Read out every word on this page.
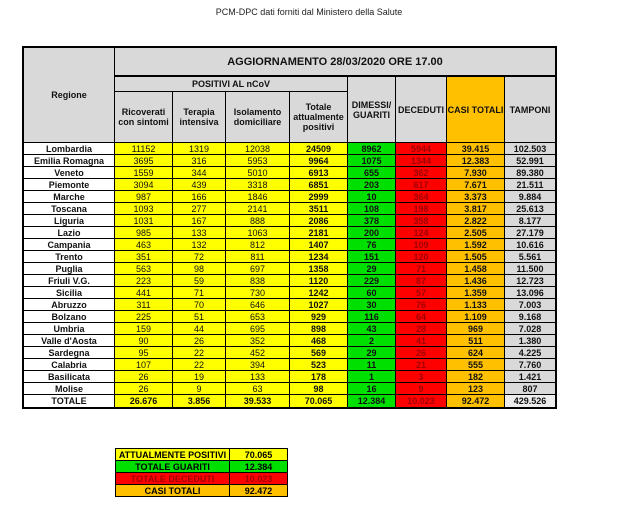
PCM-DPC dati forniti dal Ministero della Salute
Regione	AGGIORNAMENTO 28/03/2020 ORE 17.00							
	POSITIVI AL nCoV				DIMESSI/ GUARITI	DECEDUTI	CASI TOTALI	TAMPONI
	Ricoverati con sintomi	Terapia intensiva	Isolamento domiciliare	Totale attualmente positivi				
Lombardia	11152	1319	12038	24509	8962	5944	39.415	102.503
Emilia Romagna	3695	316	5953	9964	1075	1344	12.383	52.991
Veneto	1559	344	5010	6913	655	362	7.930	89.380
Piemonte	3094	439	3318	6851	203	617	7.671	21.511
Marche	987	166	1846	2999	10	364	3.373	9.884
Toscana	1093	277	2141	3511	108	198	3.817	25.613
Liguria	1031	167	888	2086	378	358	2.822	8.177
Lazio	985	133	1063	2181	200	124	2.505	27.179
Campania	463	132	812	1407	76	109	1.592	10.616
Trento	351	72	811	1234	151	120	1.505	5.561
Puglia	563	98	697	1358	29	71	1.458	11.500
Friuli V.G.	223	59	838	1120	229	87	1.436	12.723
Sicilia	441	71	730	1242	60	57	1.359	13.096
Abruzzo	311	70	646	1027	30	76	1.133	7.003
Bolzano	225	51	653	929	116	64	1.109	9.168
Umbria	159	44	695	898	43	28	969	7.028
Valle d'Aosta	90	26	352	468	2	41	511	1.380
Sardegna	95	22	452	569	29	26	624	4.225
Calabria	107	22	394	523	11	21	555	7.760
Basilicata	26	19	133	178	1	3	182	1.421
Molise	26	9	63	98	16	9	123	807
TOTALE	26.676	3.856	39.533	70.065	12.384	10.023	92.472	429.526
ATTUALMENTE POSITIVI	70.065
TOTALE GUARITI	12.384
TOTALE DECEDUTI	10.023
CASI TOTALI	92.472
